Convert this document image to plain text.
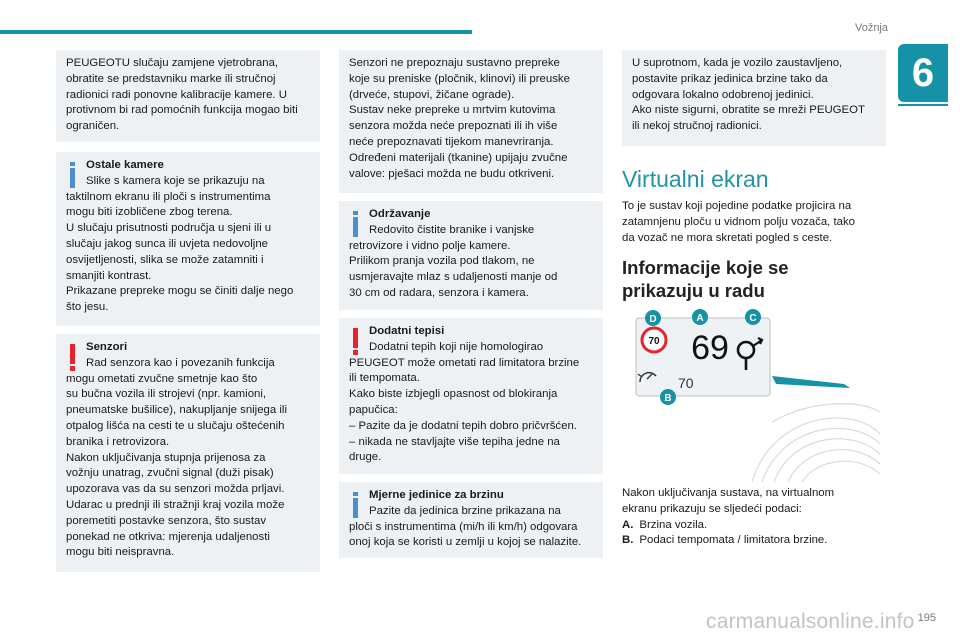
Vožnja
6

PEUGEOTU slučaju zamjene vjetrobrana,

obratite se predstavniku marke ili stručnoj

radionici radi ponovne kalibracije kamere. U

protivnom bi rad pomoćnih funkcija mogao biti

ograničen.

Ostale kamere

Slike s kamera koje se prikazuju na

taktilnom ekranu ili ploči s instrumentima

mogu biti izobličene zbog terena.

U slučaju prisutnosti područja u sjeni ili u

slučaju jakog sunca ili uvjeta nedovoljne

osvijetljenosti, slika se može zatamniti i

smanjiti kontrast.

Prikazane prepreke mogu se činiti dalje nego

što jesu.

Senzori

Rad senzora kao i povezanih funkcija

mogu ometati zvučne smetnje kao što

su bučna vozila ili strojevi (npr. kamioni,

pneumatske bušilice), nakupljanje snijega ili

otpalog lišća na cesti te u slučaju oštećenih

branika i retrovizora.

Nakon uključivanja stupnja prijenosa za

vožnju unatrag, zvučni signal (duži pisak)

upozorava vas da su senzori možda prljavi.

Udarac u prednji ili stražnji kraj vozila može

poremetiti postavke senzora, što sustav

ponekad ne otkriva: mjerenja udaljenosti

mogu biti neispravna.

Senzori ne prepoznaju sustavno prepreke

koje su preniske (pločnik, klinovi) ili preuske

(drveće, stupovi, žičane ograde).

Sustav neke prepreke u mrtvim kutovima

senzora možda neće prepoznati ili ih više

neće prepoznavati tijekom manevriranja.

Određeni materijali (tkanine) upijaju zvučne

valove: pješaci možda ne budu otkriveni.

Održavanje

Redovito čistite branike i vanjske

retrovizore i vidno polje kamere.

Prilikom pranja vozila pod tlakom, ne

usmjeravajte mlaz s udaljenosti manje od

30 cm od radara, senzora i kamera.

Dodatni tepisi

Dodatni tepih koji nije homologirao

PEUGEOT može ometati rad limitatora brzine

ili tempomata.

Kako biste izbjegli opasnost od blokiranja

papučica:

– Pazite da je dodatni tepih dobro pričvršćen.

– nikada ne stavljajte više tepiha jedne na

druge.

Mjerne jedinice za brzinu

Pazite da jedinica brzine prikazana na

ploči s instrumentima (mi/h ili km/h) odgovara

onoj koja se koristi u zemlji u kojoj se nalazite.

U suprotnom, kada je vozilo zaustavljeno,

postavite prikaz jedinica brzine tako da

odgovara lokalno odobrenoj jedinici.

Ako niste sigurni, obratite se mreži PEUGEOT

ili nekoj stručnoj radionici.

Virtualni ekran

To je sustav koji pojedine podatke projicira na

zatamnjenu ploču u vidnom polju vozača, tako

da vozač ne mora skretati pogled s ceste.

Informacije koje se
prikazuju u radu
70 69
70
D	A	C
B

Nakon uključivanja sustava, na virtualnom

ekranu prikazuju se sljedeći podaci:

A. Brzina vozila.

B. Podaci tempomata / limitatora brzine.

carmanualsonline.info 195
